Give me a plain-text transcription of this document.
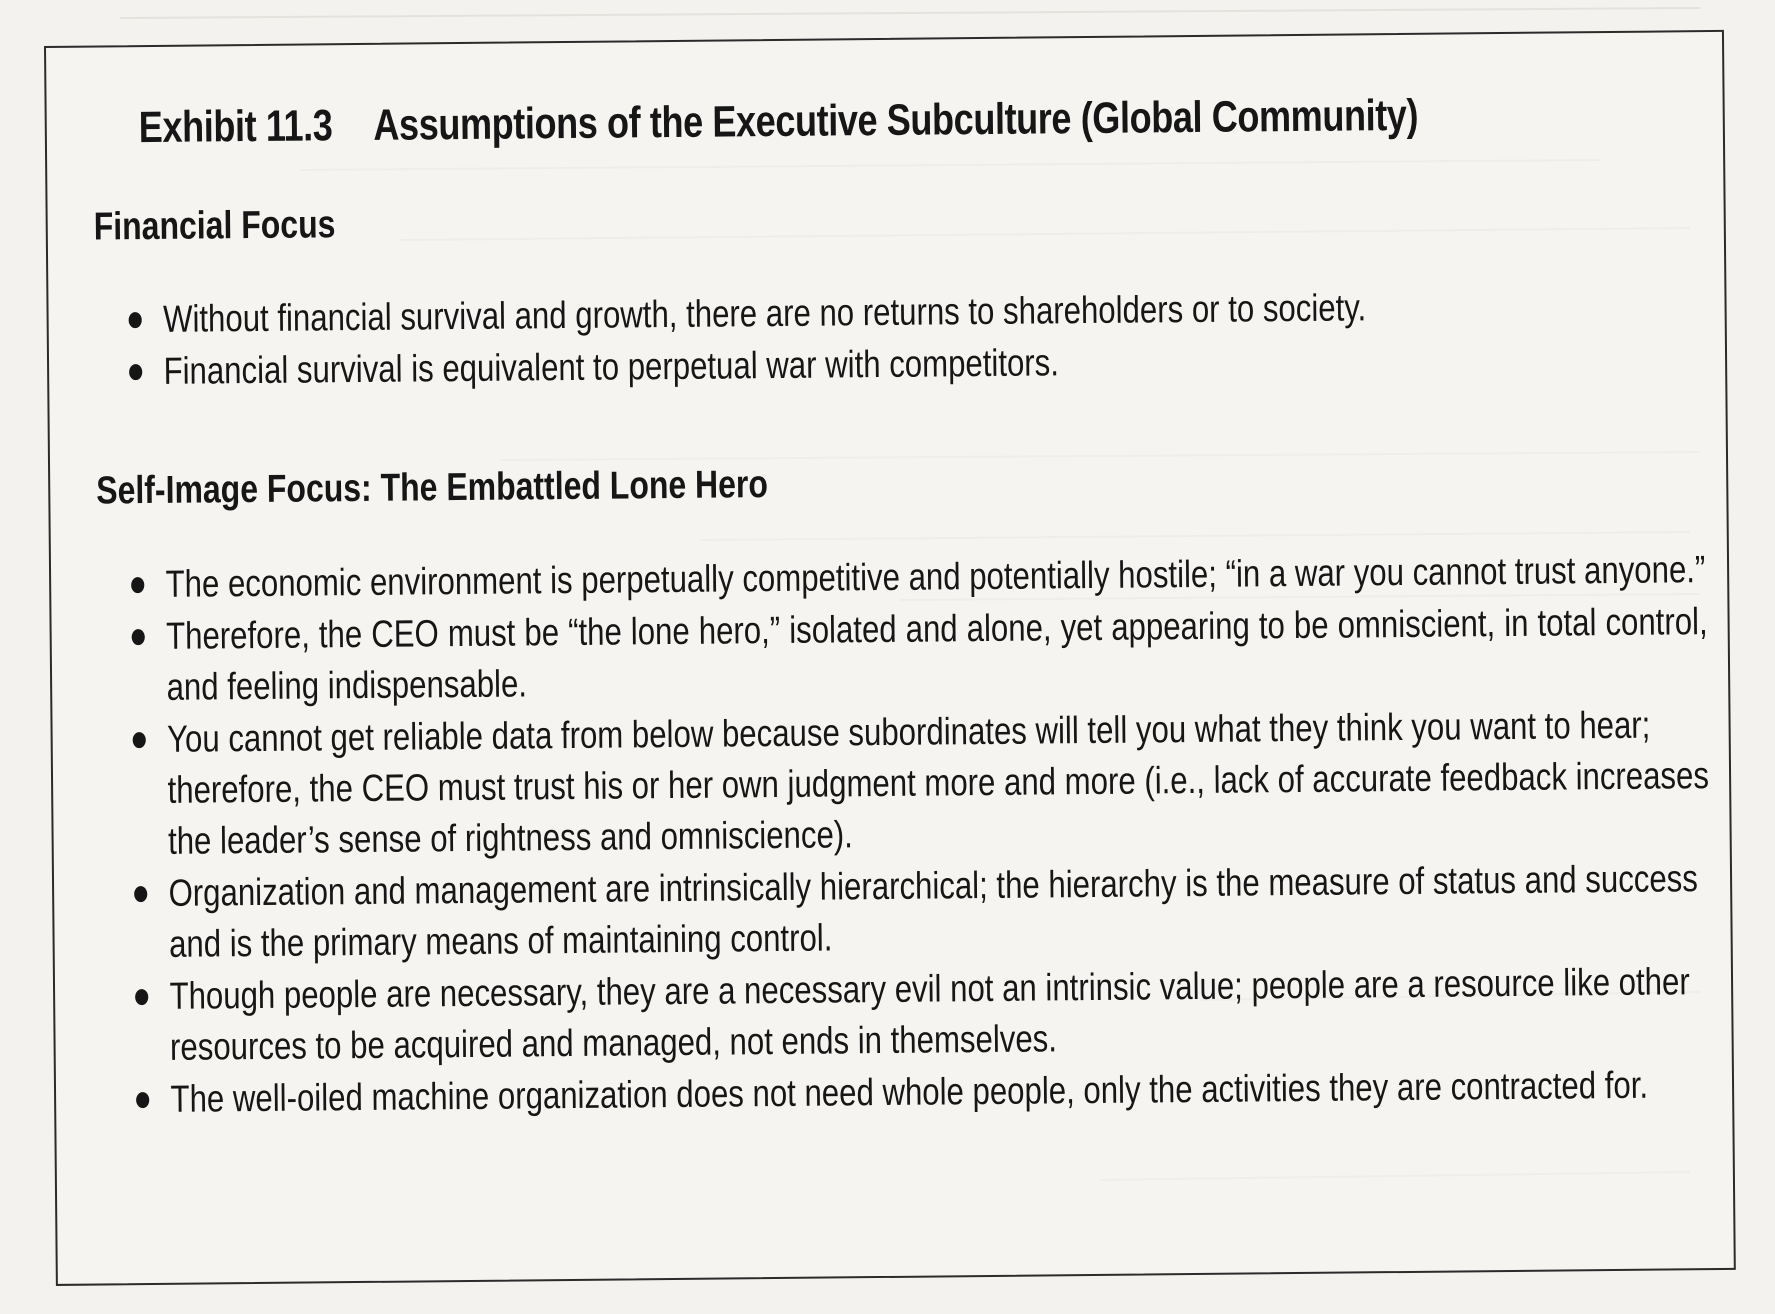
Exhibit 11.3 Assumptions of the Executive Subculture (Global Community)
Financial Focus
Without financial survival and growth, there are no returns to shareholders or to society.
Financial survival is equivalent to perpetual war with competitors.
Self-Image Focus: The Embattled Lone Hero
The economic environment is perpetually competitive and potentially hostile; “in a war you cannot trust anyone.”
Therefore, the CEO must be “the lone hero,” isolated and alone, yet appearing to be omniscient, in total control, and feeling indispensable.
You cannot get reliable data from below because subordinates will tell you what they think you want to hear; therefore, the CEO must trust his or her own judgment more and more (i.e., lack of accurate feedback increases the leader’s sense of rightness and omniscience).
Organization and management are intrinsically hierarchical; the hierarchy is the measure of status and success and is the primary means of maintaining control.
Though people are necessary, they are a necessary evil not an intrinsic value; people are a resource like other resources to be acquired and managed, not ends in themselves.
The well-oiled machine organization does not need whole people, only the activities they are contracted for.
